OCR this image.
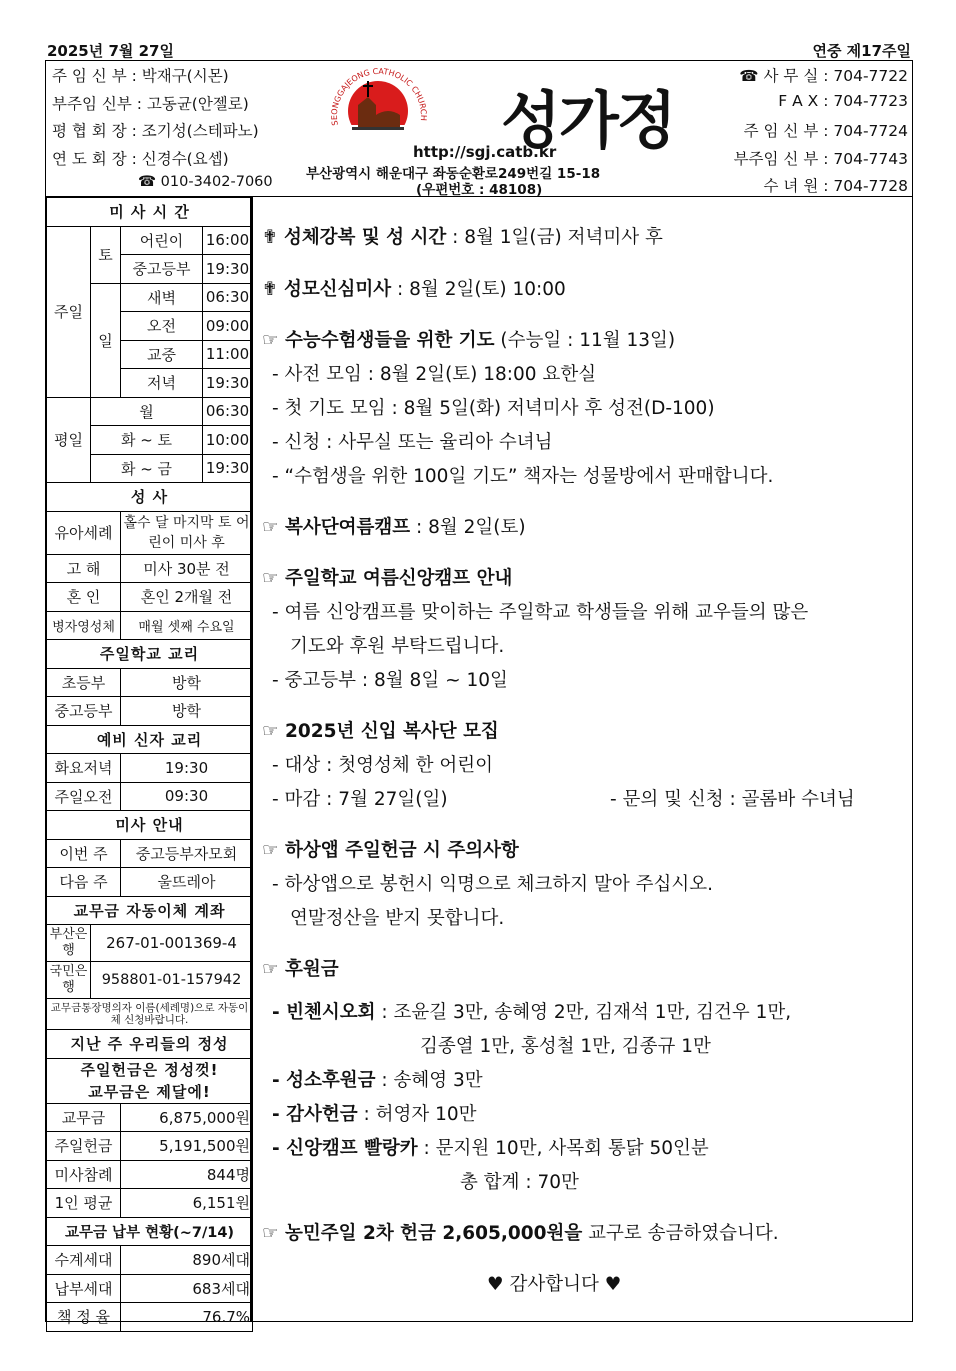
2025년 7월 27일	연중 제17주일
주 임 신 부 : 박재구(시몬)
부주임 신부 : 고동균(안젤로)
평 협 회 장 : 조기성(스테파노)
연 도 회 장 : 신경수(요셉)
☎ 010-3402-7060
SEONGGAJEONG CATHOLIC CHURCH 성가정
http://sgj.catb.kr
부산광역시 해운대구 좌동순환로249번길 15-18
(우편번호 : 48108)
☎ 사 무 실 : 704-7722
F A X : 704-7723
주 임 신 부 : 704-7724
부주임 신 부 : 704-7743
수 녀 원 : 704-7728
미 사 시 간			
주일	토	어린이	16:00
		중고등부	19:30
	일	새벽	06:30
		오전	09:00
		교중	11:00
		저녁	19:30
평일	월		06:30
	화 ~ 토		10:00
	화 ~ 금		19:30
성 사			
유아세례		홀수 달 마지막 토 어린이 미사 후	
고 해		미사 30분 전	
혼 인		혼인 2개월 전	
병자영성체		매월 셋째 수요일	
주일학교 교리			
초등부		방학	
중고등부		방학	
예비 신자 교리			
화요저녁		19:30	
주일오전		09:30	
미사 안내			
이번 주		중고등부자모회	
다음 주		울뜨레아	
교무금 자동이체 계좌			
부산은행	267-01-001369-4		
국민은행	958801-01-157942		
교무금통장명의자 이름(세례명)으로 자동이체 신청바랍니다.			
지난 주 우리들의 정성			
주일헌금은 정성껏!			
교무금은 제달에!			
교무금		6,875,000원	
주일헌금		5,191,500원	
미사참례		844명	
1인 평균		6,151원	
교무금 납부 현황(~7/14)			
수계세대		890세대	
납부세대		683세대	
책 정 율		76.7%	
✟ 성체강복 및 성 시간 : 8월 1일(금) 저녁미사 후
✟ 성모신심미사 : 8월 2일(토) 10:00
☞ 수능수험생들을 위한 기도 (수능일 : 11월 13일)
- 사전 모임 : 8월 2일(토) 18:00 요한실
- 첫 기도 모임 : 8월 5일(화) 저녁미사 후 성전(D-100)
- 신청 : 사무실 또는 율리아 수녀님
- “수험생을 위한 100일 기도” 책자는 성물방에서 판매합니다.
☞ 복사단여름캠프 : 8월 2일(토)
☞ 주일학교 여름신앙캠프 안내
- 여름 신앙캠프를 맞이하는 주일학교 학생들을 위해 교우들의 많은
기도와 후원 부탁드립니다.
- 중고등부 : 8월 8일 ~ 10일
☞ 2025년 신입 복사단 모집
- 대상 : 첫영성체 한 어린이
- 마감 : 7월 27일(일)	- 문의 및 신청 : 골롬바 수녀님
☞ 하상앱 주일헌금 시 주의사항
- 하상앱으로 봉헌시 익명으로 체크하지 말아 주십시오.
연말정산을 받지 못합니다.
☞ 후원금
- 빈첸시오회 : 조윤길 3만, 송혜영 2만, 김재석 1만, 김건우 1만,
김종열 1만, 홍성철 1만, 김종규 1만
- 성소후원금 : 송혜영 3만
- 감사헌금 : 허영자 10만
- 신앙캠프 빨랑카 : 문지원 10만, 사목회 통닭 50인분
총 합계 : 70만
☞ 농민주일 2차 헌금 2,605,000원을 교구로 송금하였습니다.
♥ 감사합니다 ♥
